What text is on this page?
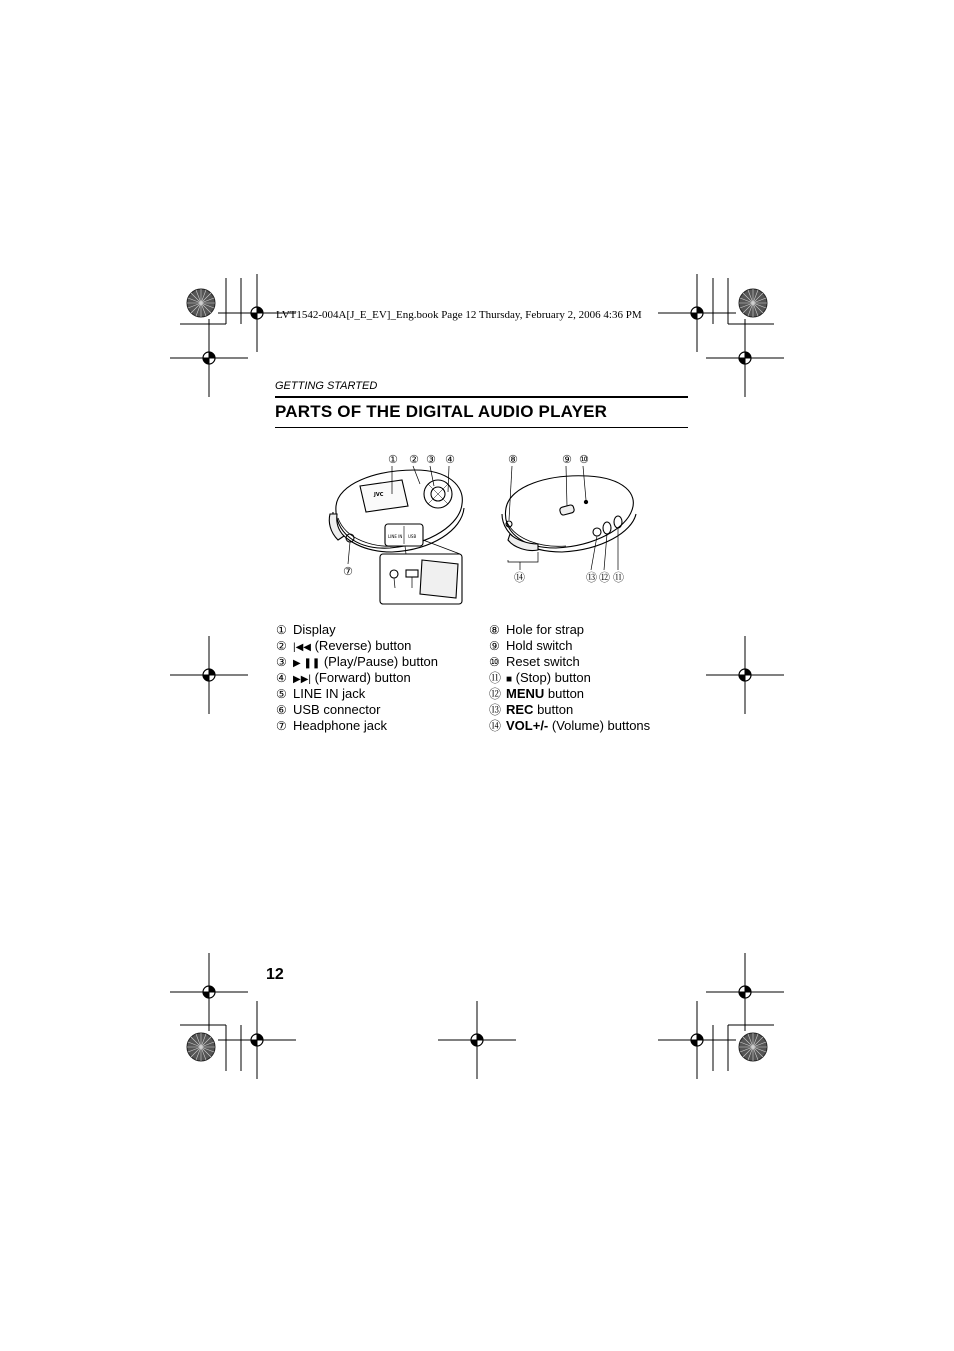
LVT1542-004A[J_E_EV]_Eng.book Page 12 Thursday, February 2, 2006 4:36 PM
GETTING STARTED
PARTS OF THE DIGITAL AUDIO PLAYER
① ② ③ ④
⑦
⑧	⑨ ⑩
⑭	⑬ ⑫ ⑪
JVC
LINE IN USB
① Display
② |◀◀ (Reverse) button
③ ▶ ❚❚ (Play/Pause) button
④ ▶▶| (Forward) button
⑤ LINE IN jack
⑥ USB connector
⑦ Headphone jack
⑧ Hole for strap
⑨ Hold switch
⑩ Reset switch
⑪ ■ (Stop) button
⑫ MENU button
⑬ REC button
⑭ VOL+/- (Volume) buttons
12
